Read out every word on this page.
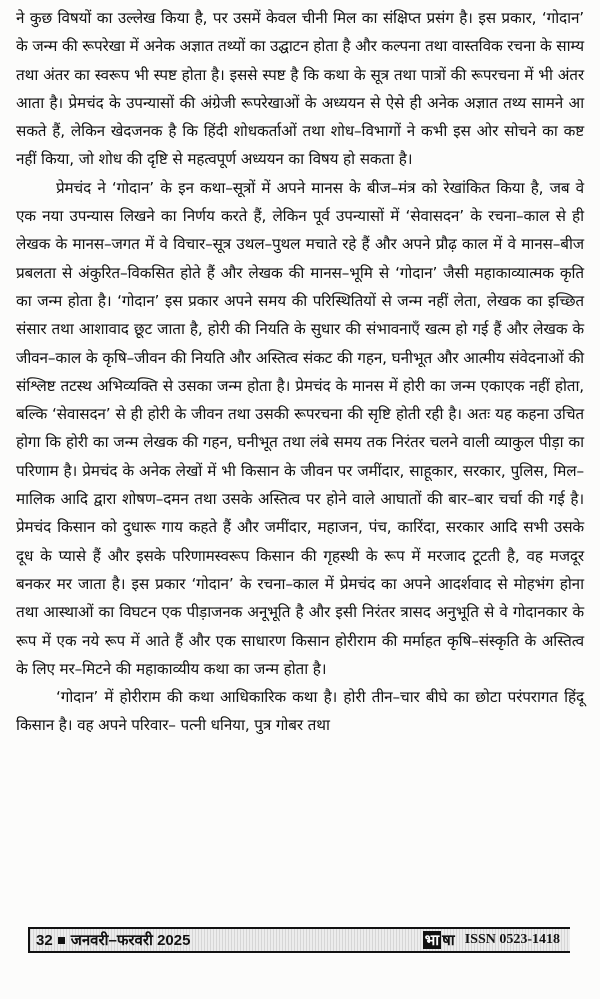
ने कुछ विषयों का उल्लेख किया है, पर उसमें केवल चीनी मिल का संक्षिप्त प्रसंग है। इस प्रकार, ‘गोदान’ के जन्म की रूपरेखा में अनेक अज्ञात तथ्यों का उद्घाटन होता है और कल्पना तथा वास्तविक रचना के साम्य तथा अंतर का स्वरूप भी स्पष्ट होता है। इससे स्पष्ट है कि कथा के सूत्र तथा पात्रों की रूपरचना में भी अंतर आता है। प्रेमचंद के उपन्यासों की अंग्रेजी रूपरेखाओं के अध्ययन से ऐसे ही अनेक अज्ञात तथ्य सामने आ सकते हैं, लेकिन खेदजनक है कि हिंदी शोधकर्ताओं तथा शोध–विभागों ने कभी इस ओर सोचने का कष्ट नहीं किया, जो शोध की दृष्टि से महत्वपूर्ण अध्ययन का विषय हो सकता है।

प्रेमचंद ने ‘गोदान’ के इन कथा–सूत्रों में अपने मानस के बीज–मंत्र को रेखांकित किया है, जब वे एक नया उपन्यास लिखने का निर्णय करते हैं, लेकिन पूर्व उपन्यासों में ‘सेवासदन’ के रचना–काल से ही लेखक के मानस–जगत में वे विचार–सूत्र उथल–पुथल मचाते रहे हैं और अपने प्रौढ़ काल में वे मानस–बीज प्रबलता से अंकुरित–विकसित होते हैं और लेखक की मानस–भूमि से ‘गोदान’ जैसी महाकाव्यात्मक कृति का जन्म होता है। ‘गोदान’ इस प्रकार अपने समय की परिस्थितियों से जन्म नहीं लेता, लेखक का इच्छित संसार तथा आशावाद छूट जाता है, होरी की नियति के सुधार की संभावनाएँ खत्म हो गई हैं और लेखक के जीवन–काल के कृषि–जीवन की नियति और अस्तित्व संकट की गहन, घनीभूत और आत्मीय संवेदनाओं की संश्लिष्ट तटस्थ अभिव्यक्ति से उसका जन्म होता है। प्रेमचंद के मानस में होरी का जन्म एकाएक नहीं होता, बल्कि ‘सेवासदन’ से ही होरी के जीवन तथा उसकी रूपरचना की सृष्टि होती रही है। अतः यह कहना उचित होगा कि होरी का जन्म लेखक की गहन, घनीभूत तथा लंबे समय तक निरंतर चलने वाली व्याकुल पीड़ा का परिणाम है। प्रेमचंद के अनेक लेखों में भी किसान के जीवन पर जमींदार, साहूकार, सरकार, पुलिस, मिल–मालिक आदि द्वारा शोषण–दमन तथा उसके अस्तित्व पर होने वाले आघातों की बार–बार चर्चा की गई है। प्रेमचंद किसान को दुधारू गाय कहते हैं और जमींदार, महाजन, पंच, कारिंदा, सरकार आदि सभी उसके दूध के प्यासे हैं और इसके परिणामस्वरूप किसान की गृहस्थी के रूप में मरजाद टूटती है, वह मजदूर बनकर मर जाता है। इस प्रकार ‘गोदान’ के रचना–काल में प्रेमचंद का अपने आदर्शवाद से मोहभंग होना तथा आस्थाओं का विघटन एक पीड़ाजनक अनूभूति है और इसी निरंतर त्रासद अनुभूति से वे गोदानकार के रूप में एक नये रूप में आते हैं और एक साधारण किसान होरीराम की मर्माहत कृषि–संस्कृति के अस्तित्व के लिए मर–मिटने की महाकाव्यीय कथा का जन्म होता है।

‘गोदान’ में होरीराम की कथा आधिकारिक कथा है। होरी तीन–चार बीघे का छोटा परंपरागत हिंदू किसान है। वह अपने परिवार– पत्नी धनिया, पुत्र गोबर तथा

32 जनवरी–फरवरी 2025	भा षा ISSN 0523-1418
